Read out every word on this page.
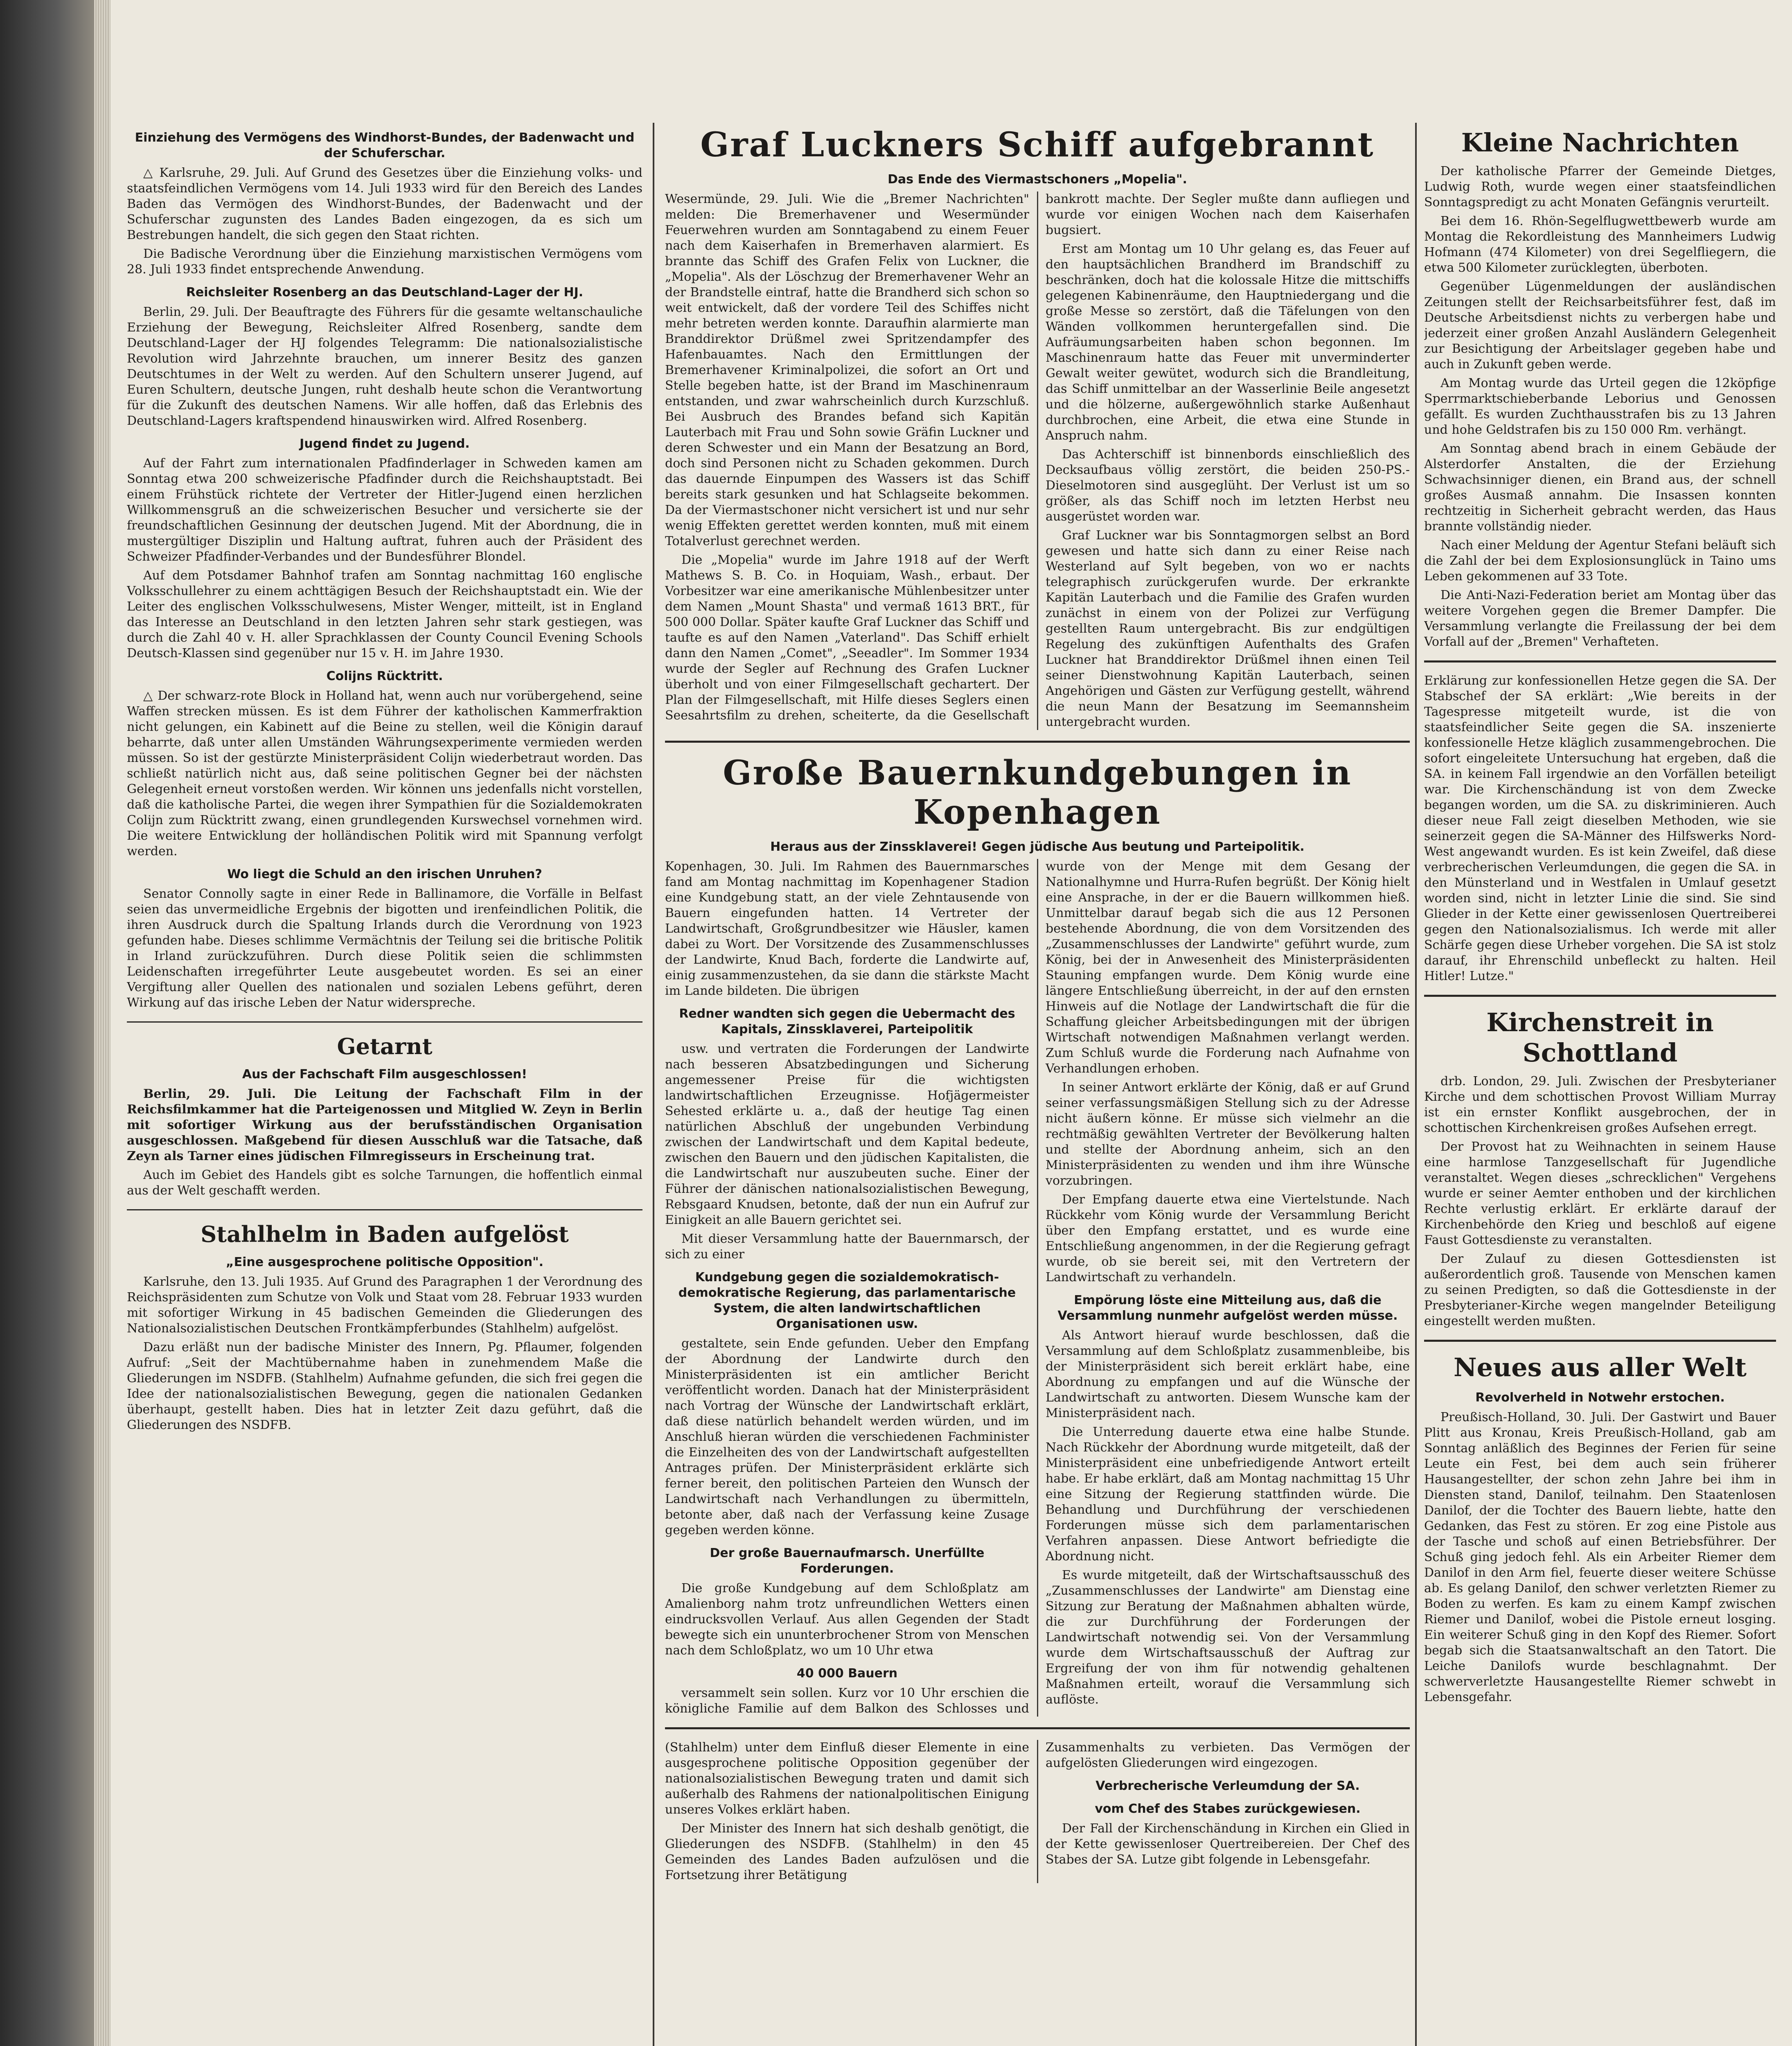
Einziehung des Vermögens des Windhorst-Bundes, der Badenwacht und der Schuferschar.
△ Karlsruhe, 29. Juli. Auf Grund des Gesetzes über die Einziehung volks- und staatsfeindlichen Vermögens vom 14. Juli 1933 wird für den Bereich des Landes Baden das Vermögen des Windhorst-Bundes, der Badenwacht und der Schuferschar zugunsten des Landes Baden eingezogen, da es sich um Bestrebungen handelt, die sich gegen den Staat richten.
Die Badische Verordnung über die Einziehung marxistischen Vermögens vom 28. Juli 1933 findet entsprechende Anwendung.
Reichsleiter Rosenberg an das Deutschland-Lager der HJ.
Berlin, 29. Juli. Der Beauftragte des Führers für die gesamte weltanschauliche Erziehung der Bewegung, Reichsleiter Alfred Rosenberg, sandte dem Deutschland-Lager der HJ folgendes Telegramm: Die nationalsozialistische Revolution wird Jahrzehnte brauchen, um innerer Besitz des ganzen Deutschtumes in der Welt zu werden. Auf den Schultern unserer Jugend, auf Euren Schultern, deutsche Jungen, ruht deshalb heute schon die Verantwortung für die Zukunft des deutschen Namens. Wir alle hoffen, daß das Erlebnis des Deutschland-Lagers kraftspendend hinauswirken wird. Alfred Rosenberg.
Jugend findet zu Jugend.
Auf der Fahrt zum internationalen Pfadfinderlager in Schweden kamen am Sonntag etwa 200 schweizerische Pfadfinder durch die Reichshauptstadt. Bei einem Frühstück richtete der Vertreter der Hitler-Jugend einen herzlichen Willkommensgruß an die schweizerischen Besucher und versicherte sie der freundschaftlichen Gesinnung der deutschen Jugend. Mit der Abordnung, die in mustergültiger Disziplin und Haltung auftrat, fuhren auch der Präsident des Schweizer Pfadfinder-Verbandes und der Bundesführer Blondel.
Auf dem Potsdamer Bahnhof trafen am Sonntag nachmittag 160 englische Volksschullehrer zu einem achttägigen Besuch der Reichshauptstadt ein. Wie der Leiter des englischen Volksschulwesens, Mister Wenger, mitteilt, ist in England das Interesse an Deutschland in den letzten Jahren sehr stark gestiegen, was durch die Zahl 40 v. H. aller Sprachklassen der County Council Evening Schools Deutsch-Klassen sind gegenüber nur 15 v. H. im Jahre 1930.
Colijns Rücktritt.
△ Der schwarz-rote Block in Holland hat, wenn auch nur vorübergehend, seine Waffen strecken müssen. Es ist dem Führer der katholischen Kammerfraktion nicht gelungen, ein Kabinett auf die Beine zu stellen, weil die Königin darauf beharrte, daß unter allen Umständen Währungsexperimente vermieden werden müssen. So ist der gestürzte Ministerpräsident Colijn wiederbetraut worden. Das schließt natürlich nicht aus, daß seine politischen Gegner bei der nächsten Gelegenheit erneut vorstoßen werden. Wir können uns jedenfalls nicht vorstellen, daß die katholische Partei, die wegen ihrer Sympathien für die Sozialdemokraten Colijn zum Rücktritt zwang, einen grundlegenden Kurswechsel vornehmen wird. Die weitere Entwicklung der holländischen Politik wird mit Spannung verfolgt werden.
Wo liegt die Schuld an den irischen Unruhen?
Senator Connolly sagte in einer Rede in Ballinamore, die Vorfälle in Belfast seien das unvermeidliche Ergebnis der bigotten und irenfeindlichen Politik, die ihren Ausdruck durch die Spaltung Irlands durch die Verordnung von 1923 gefunden habe. Dieses schlimme Vermächtnis der Teilung sei die britische Politik in Irland zurückzuführen. Durch diese Politik seien die schlimmsten Leidenschaften irregeführter Leute ausgebeutet worden. Es sei an einer Vergiftung aller Quellen des nationalen und sozialen Lebens geführt, deren Wirkung auf das irische Leben der Natur widerspreche.
Getarnt
Aus der Fachschaft Film ausgeschlossen!
Berlin, 29. Juli. Die Leitung der Fachschaft Film in der Reichsfilmkammer hat die Parteigenossen und Mitglied W. Zeyn in Berlin mit sofortiger Wirkung aus der berufsständischen Organisation ausgeschlossen. Maßgebend für diesen Ausschluß war die Tatsache, daß Zeyn als Tarner eines jüdischen Filmregisseurs in Erscheinung trat.
Auch im Gebiet des Handels gibt es solche Tarnungen, die hoffentlich einmal aus der Welt geschafft werden.
Stahlhelm in Baden aufgelöst
„Eine ausgesprochene politische Opposition".
Karlsruhe, den 13. Juli 1935. Auf Grund des Paragraphen 1 der Verordnung des Reichspräsidenten zum Schutze von Volk und Staat vom 28. Februar 1933 wurden mit sofortiger Wirkung in 45 badischen Gemeinden die Gliederungen des Nationalsozialistischen Deutschen Frontkämpferbundes (Stahlhelm) aufgelöst.
Dazu erläßt nun der badische Minister des Innern, Pg. Pflaumer, folgenden Aufruf: „Seit der Machtübernahme haben in zunehmendem Maße die Gliederungen im NSDFB. (Stahlhelm) Aufnahme gefunden, die sich frei gegen die Idee der nationalsozialistischen Bewegung, gegen die nationalen Gedanken überhaupt, gestellt haben. Dies hat in letzter Zeit dazu geführt, daß die Gliederungen des NSDFB.
Graf Luckners Schiff aufgebrannt
Das Ende des Viermastschoners „Mopelia".
Wesermünde, 29. Juli. Wie die „Bremer Nachrichten" melden: Die Bremerhavener und Wesermünder Feuerwehren wurden am Sonntagabend zu einem Feuer nach dem Kaiserhafen in Bremerhaven alarmiert. Es brannte das Schiff des Grafen Felix von Luckner, die „Mopelia". Als der Löschzug der Bremerhavener Wehr an der Brandstelle eintraf, hatte die Brandherd sich schon so weit entwickelt, daß der vordere Teil des Schiffes nicht mehr betreten werden konnte. Daraufhin alarmierte man Branddirektor Drüßmel zwei Spritzendampfer des Hafenbauamtes. Nach den Ermittlungen der Bremerhavener Kriminalpolizei, die sofort an Ort und Stelle begeben hatte, ist der Brand im Maschinenraum entstanden, und zwar wahrscheinlich durch Kurzschluß. Bei Ausbruch des Brandes befand sich Kapitän Lauterbach mit Frau und Sohn sowie Gräfin Luckner und deren Schwester und ein Mann der Besatzung an Bord, doch sind Personen nicht zu Schaden gekommen. Durch das dauernde Einpumpen des Wassers ist das Schiff bereits stark gesunken und hat Schlagseite bekommen. Da der Viermastschoner nicht versichert ist und nur sehr wenig Effekten gerettet werden konnten, muß mit einem Totalverlust gerechnet werden.
Die „Mopelia" wurde im Jahre 1918 auf der Werft Mathews S. B. Co. in Hoquiam, Wash., erbaut. Der Vorbesitzer war eine amerikanische Mühlenbesitzer unter dem Namen „Mount Shasta" und vermaß 1613 BRT., für 500 000 Dollar. Später kaufte Graf Luckner das Schiff und taufte es auf den Namen „Vaterland". Das Schiff erhielt dann den Namen „Comet", „Seeadler". Im Sommer 1934 wurde der Segler auf Rechnung des Grafen Luckner überholt und von einer Filmgesellschaft gechartert. Der Plan der Filmgesellschaft, mit Hilfe dieses Seglers einen Seesahrtsfilm zu drehen, scheiterte, da die Gesellschaft bankrott machte. Der Segler mußte dann aufliegen und wurde vor einigen Wochen nach dem Kaiserhafen bugsiert.
Erst am Montag um 10 Uhr gelang es, das Feuer auf den hauptsächlichen Brandherd im Brandschiff zu beschränken, doch hat die kolossale Hitze die mittschiffs gelegenen Kabinenräume, den Hauptniedergang und die große Messe so zerstört, daß die Täfelungen von den Wänden vollkommen heruntergefallen sind. Die Aufräumungsarbeiten haben schon begonnen. Im Maschinenraum hatte das Feuer mit unverminderter Gewalt weiter gewütet, wodurch sich die Brandleitung, das Schiff unmittelbar an der Wasserlinie Beile angesetzt und die hölzerne, außergewöhnlich starke Außenhaut durchbrochen, eine Arbeit, die etwa eine Stunde in Anspruch nahm.
Das Achterschiff ist binnenbords einschließlich des Decksaufbaus völlig zerstört, die beiden 250-PS.-Dieselmotoren sind ausgeglüht. Der Verlust ist um so größer, als das Schiff noch im letzten Herbst neu ausgerüstet worden war.
Graf Luckner war bis Sonntagmorgen selbst an Bord gewesen und hatte sich dann zu einer Reise nach Westerland auf Sylt begeben, von wo er nachts telegraphisch zurückgerufen wurde. Der erkrankte Kapitän Lauterbach und die Familie des Grafen wurden zunächst in einem von der Polizei zur Verfügung gestellten Raum untergebracht. Bis zur endgültigen Regelung des zukünftigen Aufenthalts des Grafen Luckner hat Branddirektor Drüßmel ihnen einen Teil seiner Dienstwohnung Kapitän Lauterbach, seinen Angehörigen und Gästen zur Verfügung gestellt, während die neun Mann der Besatzung im Seemannsheim untergebracht wurden.
Große Bauernkundgebungen in Kopenhagen
Heraus aus der Zinssklaverei! Gegen jüdische Aus beutung und Parteipolitik.
Kopenhagen, 30. Juli. Im Rahmen des Bauernmarsches fand am Montag nachmittag im Kopenhagener Stadion eine Kundgebung statt, an der viele Zehntausende von Bauern eingefunden hatten. 14 Vertreter der Landwirtschaft, Großgrundbesitzer wie Häusler, kamen dabei zu Wort. Der Vorsitzende des Zusammenschlusses der Landwirte, Knud Bach, forderte die Landwirte auf, einig zusammenzustehen, da sie dann die stärkste Macht im Lande bildeten. Die übrigen
Redner wandten sich gegen die Uebermacht des Kapitals, Zinssklaverei, Parteipolitik
usw. und vertraten die Forderungen der Landwirte nach besseren Absatzbedingungen und Sicherung angemessener Preise für die wichtigsten landwirtschaftlichen Erzeugnisse. Hofjägermeister Sehested erklärte u. a., daß der heutige Tag einen natürlichen Abschluß der ungebunden Verbindung zwischen der Landwirtschaft und dem Kapital bedeute, zwischen den Bauern und den jüdischen Kapitalisten, die die Landwirtschaft nur auszubeuten suche. Einer der Führer der dänischen nationalsozialistischen Bewegung, Rebsgaard Knudsen, betonte, daß der nun ein Aufruf zur Einigkeit an alle Bauern gerichtet sei.
Mit dieser Versammlung hatte der Bauernmarsch, der sich zu einer
Kundgebung gegen die sozialdemokratisch-demokratische Regierung, das parlamentarische System, die alten landwirtschaftlichen Organisationen usw.
gestaltete, sein Ende gefunden. Ueber den Empfang der Abordnung der Landwirte durch den Ministerpräsidenten ist ein amtlicher Bericht veröffentlicht worden. Danach hat der Ministerpräsident nach Vortrag der Wünsche der Landwirtschaft erklärt, daß diese natürlich behandelt werden würden, und im Anschluß hieran würden die verschiedenen Fachminister die Einzelheiten des von der Landwirtschaft aufgestellten Antrages prüfen. Der Ministerpräsident erklärte sich ferner bereit, den politischen Parteien den Wunsch der Landwirtschaft nach Verhandlungen zu übermitteln, betonte aber, daß nach der Verfassung keine Zusage gegeben werden könne.
Der große Bauernaufmarsch. Unerfüllte Forderungen.
Die große Kundgebung auf dem Schloßplatz am Amalienborg nahm trotz unfreundlichen Wetters einen eindrucksvollen Verlauf. Aus allen Gegenden der Stadt bewegte sich ein ununterbrochener Strom von Menschen nach dem Schloßplatz, wo um 10 Uhr etwa
40 000 Bauern
versammelt sein sollen. Kurz vor 10 Uhr erschien die königliche Familie auf dem Balkon des Schlosses und wurde von der Menge mit dem Gesang der Nationalhymne und Hurra-Rufen begrüßt. Der König hielt eine Ansprache, in der er die Bauern willkommen hieß. Unmittelbar darauf begab sich die aus 12 Personen bestehende Abordnung, die von dem Vorsitzenden des „Zusammenschlusses der Landwirte" geführt wurde, zum König, bei der in Anwesenheit des Ministerpräsidenten Stauning empfangen wurde. Dem König wurde eine längere Entschließung überreicht, in der auf den ernsten Hinweis auf die Notlage der Landwirtschaft die für die Schaffung gleicher Arbeitsbedingungen mit der übrigen Wirtschaft notwendigen Maßnahmen verlangt werden. Zum Schluß wurde die Forderung nach Aufnahme von Verhandlungen erhoben.
In seiner Antwort erklärte der König, daß er auf Grund seiner verfassungsmäßigen Stellung sich zu der Adresse nicht äußern könne. Er müsse sich vielmehr an die rechtmäßig gewählten Vertreter der Bevölkerung halten und stellte der Abordnung anheim, sich an den Ministerpräsidenten zu wenden und ihm ihre Wünsche vorzubringen.
Der Empfang dauerte etwa eine Viertelstunde. Nach Rückkehr vom König wurde der Versammlung Bericht über den Empfang erstattet, und es wurde eine Entschließung angenommen, in der die Regierung gefragt wurde, ob sie bereit sei, mit den Vertretern der Landwirtschaft zu verhandeln.
Empörung löste eine Mitteilung aus, daß die Versammlung nunmehr aufgelöst werden müsse.
Als Antwort hierauf wurde beschlossen, daß die Versammlung auf dem Schloßplatz zusammenbleibe, bis der Ministerpräsident sich bereit erklärt habe, eine Abordnung zu empfangen und auf die Wünsche der Landwirtschaft zu antworten. Diesem Wunsche kam der Ministerpräsident nach.
Die Unterredung dauerte etwa eine halbe Stunde. Nach Rückkehr der Abordnung wurde mitgeteilt, daß der Ministerpräsident eine unbefriedigende Antwort erteilt habe. Er habe erklärt, daß am Montag nachmittag 15 Uhr eine Sitzung der Regierung stattfinden würde. Die Behandlung und Durchführung der verschiedenen Forderungen müsse sich dem parlamentarischen Verfahren anpassen. Diese Antwort befriedigte die Abordnung nicht.
Es wurde mitgeteilt, daß der Wirtschaftsausschuß des „Zusammenschlusses der Landwirte" am Dienstag eine Sitzung zur Beratung der Maßnahmen abhalten würde, die zur Durchführung der Forderungen der Landwirtschaft notwendig sei. Von der Versammlung wurde dem Wirtschaftsausschuß der Auftrag zur Ergreifung der von ihm für notwendig gehaltenen Maßnahmen erteilt, worauf die Versammlung sich auflöste.
(Stahlhelm) unter dem Einfluß dieser Elemente in eine ausgesprochene politische Opposition gegenüber der nationalsozialistischen Bewegung traten und damit sich außerhalb des Rahmens der nationalpolitischen Einigung unseres Volkes erklärt haben.
Der Minister des Innern hat sich deshalb genötigt, die Gliederungen des NSDFB. (Stahlhelm) in den 45 Gemeinden des Landes Baden aufzulösen und die Fortsetzung ihrer Betätigung
Zusammenhalts zu verbieten. Das Vermögen der aufgelösten Gliederungen wird eingezogen.
Verbrecherische Verleumdung der SA.
vom Chef des Stabes zurückgewiesen.
Der Fall der Kirchenschändung in Kirchen ein Glied in der Kette gewissenloser Quertreibereien. Der Chef des Stabes der SA. Lutze gibt folgende in Lebensgefahr.
Kleine Nachrichten
Der katholische Pfarrer der Gemeinde Dietges, Ludwig Roth, wurde wegen einer staatsfeindlichen Sonntagspredigt zu acht Monaten Gefängnis verurteilt.
Bei dem 16. Rhön-Segelflugwettbewerb wurde am Montag die Rekordleistung des Mannheimers Ludwig Hofmann (474 Kilometer) von drei Segelfliegern, die etwa 500 Kilometer zurücklegten, überboten.
Gegenüber Lügenmeldungen der ausländischen Zeitungen stellt der Reichsarbeitsführer fest, daß im Deutsche Arbeitsdienst nichts zu verbergen habe und jederzeit einer großen Anzahl Ausländern Gelegenheit zur Besichtigung der Arbeitslager gegeben habe und auch in Zukunft geben werde.
Am Montag wurde das Urteil gegen die 12köpfige Sperrmarktschieberbande Leborius und Genossen gefällt. Es wurden Zuchthausstrafen bis zu 13 Jahren und hohe Geldstrafen bis zu 150 000 Rm. verhängt.
Am Sonntag abend brach in einem Gebäude der Alsterdorfer Anstalten, die der Erziehung Schwachsinniger dienen, ein Brand aus, der schnell großes Ausmaß annahm. Die Insassen konnten rechtzeitig in Sicherheit gebracht werden, das Haus brannte vollständig nieder.
Nach einer Meldung der Agentur Stefani beläuft sich die Zahl der bei dem Explosionsunglück in Taino ums Leben gekommenen auf 33 Tote.
Die Anti-Nazi-Federation beriet am Montag über das weitere Vorgehen gegen die Bremer Dampfer. Die Versammlung verlangte die Freilassung der bei dem Vorfall auf der „Bremen" Verhafteten.
Erklärung zur konfessionellen Hetze gegen die SA. Der Stabschef der SA erklärt: „Wie bereits in der Tagespresse mitgeteilt wurde, ist die von staatsfeindlicher Seite gegen die SA. inszenierte konfessionelle Hetze kläglich zusammengebrochen. Die sofort eingeleitete Untersuchung hat ergeben, daß die SA. in keinem Fall irgendwie an den Vorfällen beteiligt war. Die Kirchenschändung ist von dem Zwecke begangen worden, um die SA. zu diskriminieren. Auch dieser neue Fall zeigt dieselben Methoden, wie sie seinerzeit gegen die SA-Männer des Hilfswerks Nord-West angewandt wurden. Es ist kein Zweifel, daß diese verbrecherischen Verleumdungen, die gegen die SA. in den Münsterland und in Westfalen in Umlauf gesetzt worden sind, nicht in letzter Linie die sind. Sie sind Glieder in der Kette einer gewissenlosen Quertreiberei gegen den Nationalsozialismus. Ich werde mit aller Schärfe gegen diese Urheber vorgehen. Die SA ist stolz darauf, ihr Ehrenschild unbefleckt zu halten. Heil Hitler! Lutze."
Kirchenstreit in Schottland
drb. London, 29. Juli. Zwischen der Presbyterianer Kirche und dem schottischen Provost William Murray ist ein ernster Konflikt ausgebrochen, der in schottischen Kirchenkreisen großes Aufsehen erregt.
Der Provost hat zu Weihnachten in seinem Hause eine harmlose Tanzgesellschaft für Jugendliche veranstaltet. Wegen dieses „schrecklichen" Vergehens wurde er seiner Aemter enthoben und der kirchlichen Rechte verlustig erklärt. Er erklärte darauf der Kirchenbehörde den Krieg und beschloß auf eigene Faust Gottesdienste zu veranstalten.
Der Zulauf zu diesen Gottesdiensten ist außerordentlich groß. Tausende von Menschen kamen zu seinen Predigten, so daß die Gottesdienste in der Presbyterianer-Kirche wegen mangelnder Beteiligung eingestellt werden mußten.
Neues aus aller Welt
Revolverheld in Notwehr erstochen.
Preußisch-Holland, 30. Juli. Der Gastwirt und Bauer Plitt aus Kronau, Kreis Preußisch-Holland, gab am Sonntag anläßlich des Beginnes der Ferien für seine Leute ein Fest, bei dem auch sein früherer Hausangestellter, der schon zehn Jahre bei ihm in Diensten stand, Danilof, teilnahm. Den Staatenlosen Danilof, der die Tochter des Bauern liebte, hatte den Gedanken, das Fest zu stören. Er zog eine Pistole aus der Tasche und schoß auf einen Betriebsführer. Der Schuß ging jedoch fehl. Als ein Arbeiter Riemer dem Danilof in den Arm fiel, feuerte dieser weitere Schüsse ab. Es gelang Danilof, den schwer verletzten Riemer zu Boden zu werfen. Es kam zu einem Kampf zwischen Riemer und Danilof, wobei die Pistole erneut losging. Ein weiterer Schuß ging in den Kopf des Riemer. Sofort begab sich die Staatsanwaltschaft an den Tatort. Die Leiche Danilofs wurde beschlagnahmt. Der schwerverletzte Hausangestellte Riemer schwebt in Lebensgefahr.
